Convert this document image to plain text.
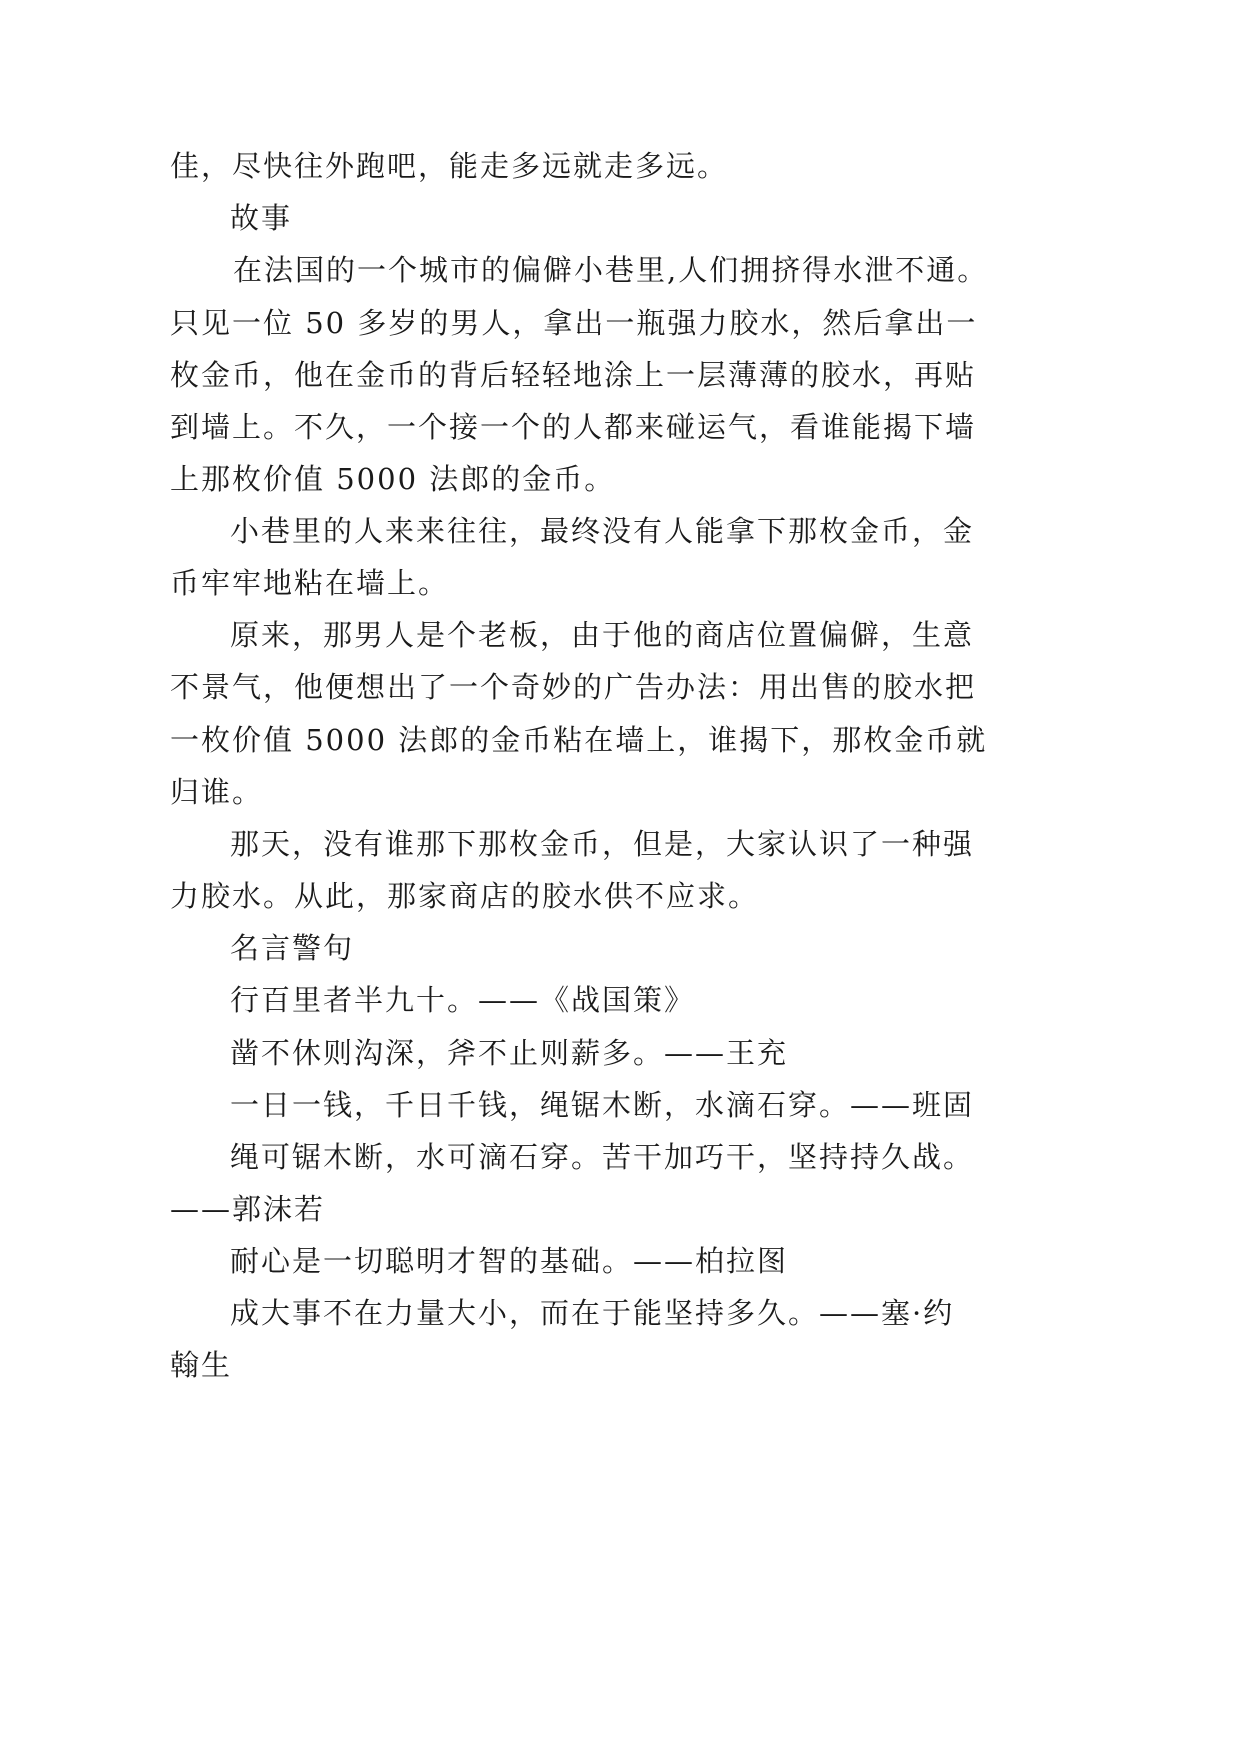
佳，尽快往外跑吧，能走多远就走多远。
故事
在法国的一个城市的偏僻小巷里,人们拥挤得水泄不通。
只见一位 50 多岁的男人，拿出一瓶强力胶水，然后拿出一
枚金币，他在金币的背后轻轻地涂上一层薄薄的胶水，再贴
到墙上。不久，一个接一个的人都来碰运气，看谁能揭下墙
上那枚价值 5000 法郎的金币。
小巷里的人来来往往，最终没有人能拿下那枚金币，金
币牢牢地粘在墙上。
原来，那男人是个老板，由于他的商店位置偏僻，生意
不景气，他便想出了一个奇妙的广告办法：用出售的胶水把
一枚价值 5000 法郎的金币粘在墙上，谁揭下，那枚金币就
归谁。
那天，没有谁那下那枚金币，但是，大家认识了一种强
力胶水。从此，那家商店的胶水供不应求。
名言警句
行百里者半九十。——《战国策》
凿不休则沟深，斧不止则薪多。——王充
一日一钱，千日千钱，绳锯木断，水滴石穿。——班固
绳可锯木断，水可滴石穿。苦干加巧干，坚持持久战。
——郭沫若
耐心是一切聪明才智的基础。——柏拉图
成大事不在力量大小，而在于能坚持多久。——塞·约
翰生
